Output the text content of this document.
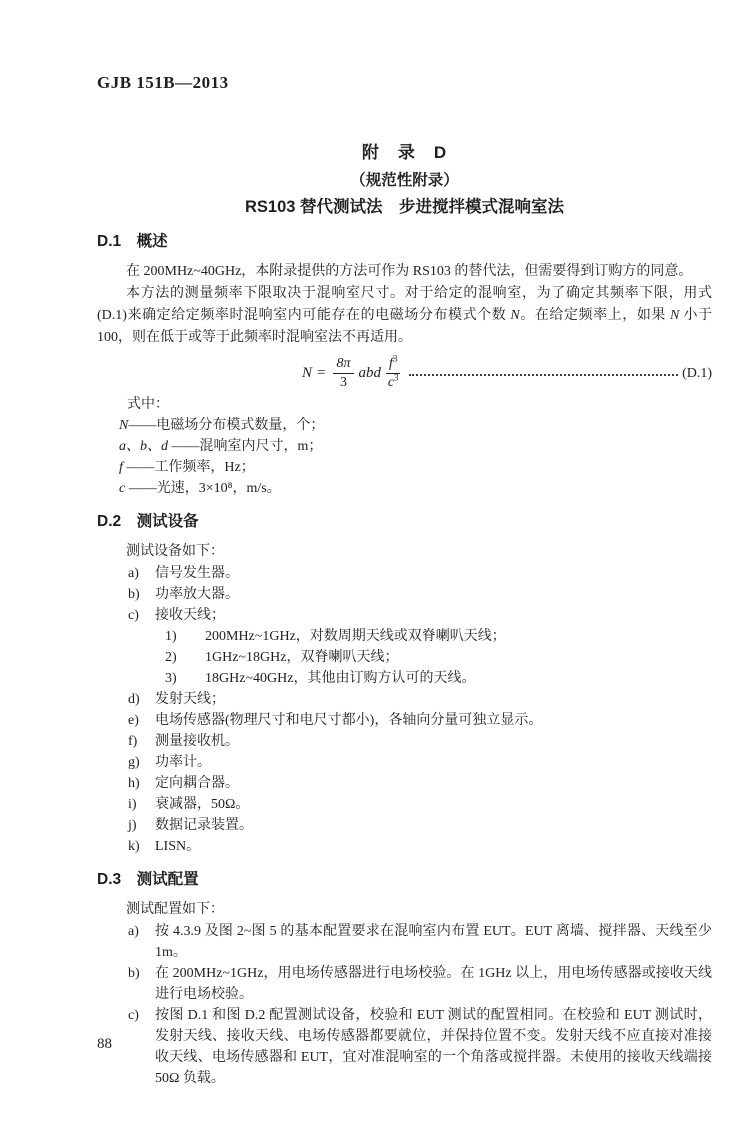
GJB 151B—2013
附　录　D
（规范性附录）
RS103 替代测试法　步进搅拌模式混响室法
D.1　概述

在 200MHz~40GHz，本附录提供的方法可作为 RS103 的替代法，但需要得到订购方的同意。

本方法的测量频率下限取决于混响室尺寸。对于给定的混响室，为了确定其频率下限，用式(D.1)来确定给定频率时混响室内可能存在的电磁场分布模式个数 N。在给定频率上，如果 N 小于 100，则在低于或等于此频率时混响室法不再适用。

$N = \frac{8\pi}{3}$ abd $\frac{f^3}{c^3}$	(D.1)

式中：

N——电磁场分布模式数量，个；
a、b、d ——混响室内尺寸，m；
f ——工作频率，Hz；
c ——光速，3×10⁸，m/s。
D.2　测试设备

测试设备如下：

a)	信号发生器。
b)	功率放大器。
c)	接收天线；
1)	200MHz~1GHz，对数周期天线或双脊喇叭天线；
2)	1GHz~18GHz，双脊喇叭天线；
3)	18GHz~40GHz，其他由订购方认可的天线。
d)	发射天线；
e)	电场传感器(物理尺寸和电尺寸都小)，各轴向分量可独立显示。
f)	测量接收机。
g)	功率计。
h)	定向耦合器。
i)	衰减器，50Ω。
j)	数据记录装置。
k)	LISN。
D.3　测试配置

测试配置如下：

a)	按 4.3.9 及图 2~图 5 的基本配置要求在混响室内布置 EUT。EUT 离墙、搅拌器、天线至少 1m。
b)	在 200MHz~1GHz，用电场传感器进行电场校验。在 1GHz 以上，用电场传感器或接收天线进行电场校验。
c)	按图 D.1 和图 D.2 配置测试设备，校验和 EUT 测试的配置相同。在校验和 EUT 测试时，发射天线、接收天线、电场传感器都要就位，并保持位置不变。发射天线不应直接对准接收天线、电场传感器和 EUT，宜对准混响室的一个角落或搅拌器。未使用的接收天线端接 50Ω 负载。
88
